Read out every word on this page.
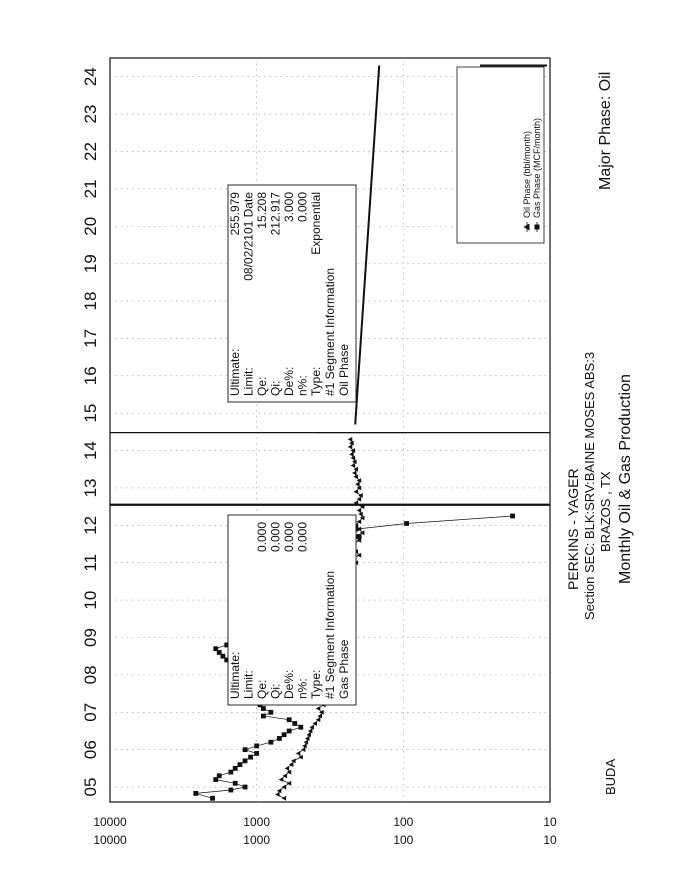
BUDA
PERKINS - YAGER Section SEC: BLK:SRV:BAINE MOSES ABS:3 BRAZOS , TX Monthly Oil & Gas Production
Major Phase: Oil
05
06
07
08
09
10
11
12
13
14
15
16
17
18
19
20
21
22
23
24
10000
10000
1000
1000
100
100
10
10
Gas Phase (MCF/month)
Oil Phase (bbl/month)
Gas Phase
#1 Segment Information
Type:
n%:
0.000
De%:
0.000
Qi:
0.000
Qe:
0.000
Limit:
Ultimate:
Oil Phase
#1 Segment Information
Type:
Exponential
n%:
0.000
De%:
3.000
Qi:
212.917
Qe:
15.208
Limit:
08/02/2101 Date
Ultimate:
255.979
